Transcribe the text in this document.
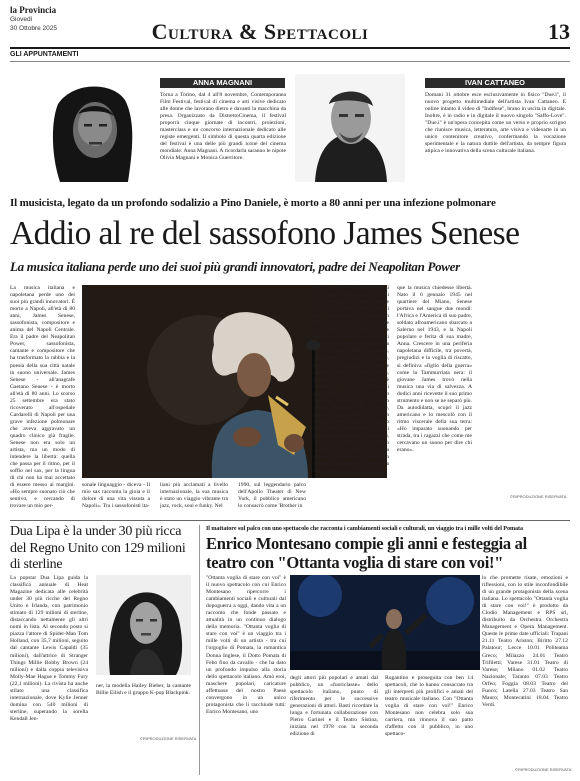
la Provincia
Giovedì
30 Ottobre 2025	Cultura & Spettacoli	13
GLI APPUNTAMENTI
ANNA MAGNANI
Torna a Torino, dal 4 all'8 novembre, Contemporanea Film Festival, festival di cinema e arti visive dedicato alle donne che lavorano dietro e davanti la macchina da presa. Organizzato da DistrettoCinema, il festival proporrà cinque giornate di incontri, proiezioni, masterclass e un concorso internazionale dedicato alle registe emergenti. Il simbolo di questa quarta edizione del festival è una delle più grandi icone del cinema mondiale: Anna Magnani. A ricordarla saranno le nipote Olivia Magnani e Monica Guerritore.
IVAN CATTANEO
Domani 31 ottobre esce esclusivamente in fisico "Due.i", il nuovo progetto multimediale dell'artista Ivan Cattaneo. E online intanto il video di "Indifese", brano in uscita in digitale. Inoltre, è in radio e in digitale il nuovo singolo "Saffo-Love". "Due.i" è un'opera concepita come un verso e proprio scrigno che riunisce musica, letteratura, arte visiva e videoarte in un unico contenitore creativo, confermando la vocazione sperimentale e la natura duttile dell'artista, da sempre figura atipica e innovativa della scena culturale italiana.
Il musicista, legato da un profondo sodalizio a Pino Daniele, è morto a 80 anni per una infezione polmonare
Addio al re del sassofono James Senese
La musica italiana perde uno dei suoi più grandi innovatori, padre dei Neapolitan Power
La musica italiana e napoletana perde uno dei suoi più grandi innovatori. È morto a Napoli, all'età di 80 anni, James Senese, sassofonista, compositore e anima del Napoli Centrale. Era il padre del Neapolitan Power, sassofonista, cantante e compositore che ha trasformato la rabbia e la poesia della sua città natale in suono universale. James Senese - all'anagrafe Gaetano Senese - è morto all'età di 80 anni. Lo scorso 25 settembre era stato ricoverato all'ospedale Cardarelli di Napoli per una grave infezione polmonare che aveva aggravato un quadro clinico già fragile. Senese non era solo un artista, ma un modo di intendere la libertà: quella che passa per il ritmo, per il soffio nel sax, per la lingua di chi non ha mai accettato di essere messo ai margini. «Ho sempre suonato ciò che sentivo, e cercando di trovare un mio per-
sonale linguaggio - diceva - Il mio sax racconta la gioia e il dolore di una vita vissuta a Napoli». Tra i sassofonisti ita-
liani più acclamati a livello internazionale, la sua musica è stato un viaggio vibrante tra jazz, rock, soul e funky. Nel
1990, sul leggendario palco dell'Apollo Theater di New York, il pubblico americano lo consacrò come 'Brother in
Soul', un titolo riservato solo ai veri giganti della musica. Negli anni Sessanta e Settanta Senese fu uno dei protagonisti assoluti del movimento Neapolitan Power, la rivoluzione musicale che fuse radici partenopee e sonorità afroamericane. In quegli anni fondò gruppi entrati nella storia come The Showmen, Showmen 2 e Napoli Centrale, band di cui era tuttora leader e anima creativa. La sua carriera, lunga e ricca di successi, è costellata di collaborazioni prestigiose: da Gil Evans a Bob Marley, da Ornette Coleman all'Art Ensemble of Chicago, passando per Lester Bowie, Don Moye, Steve Thorton, Roberto De Simone, Pino Daniele (a cui fu legato da un lungo sodalizio), Tullio De Piscopo ed Enzo Avitabile. Un artista che ha saputo far dialogare Napoli con il mondo, portando il suo sax e la sua anima ovun-
que la musica chiedesse libertà. Nato il 6 gennaio 1945 nel quartiere del Miano, Senese portava nel sangue due mondi: l'Africa e l'America di suo padre, soldato afroamericano sbarcato a Salerno nel 1943, e la Napoli popolare e ferita di sua madre, Anna. Crescere in una periferia napoletana difficile, tra povertà, pregiudizi e la voglia di riscatto, si definiva «figlio della guerra» come la Tammurriata nera: il giovane James trovò nella musica una via di salvezza. A dodici anni ricevette il suo primo strumento e non se ne separò più. Da autodidatta, scoprì il jazz americano e lo mescolò con il ritmo viscerale della sua terra: «Ho imparato suonando per strada, tra i ragazzi che come me cercavano un suono per dire chi erano».
©RIPRODUZIONE RISERVATA
Dua Lipa è la under 30 più ricca del Regno Unito con 129 milioni di sterline
La popstar Dua Lipa guida la classifica annuale di Heat Magazine dedicata alle celebrità under 30 più ricche del Regno Unito e Irlanda, con patrimonio stimato di 129 milioni di sterline, distaccando nettamente gli altri nomi in lista. Al secondo posto si piazza l'attore di Spider-Man Tom Holland, con 35,7 milioni, seguito dal cantante Lewis Capaldi (35 milioni), dall'attrice di Stranger Things Millie Bobby Brown (24 milioni) e dalla coppia televisiva Molly-Mae Hague e Tommy Fury (22,1 milioni). La rivista ha anche stilato una classifica internazionale, dove Kylie Jenner domina con 540 milioni di sterline, superando la sorella Kendall Jen-
ner, la modella Hailey Bieber, la cantante Billie Eilish e il gruppo K-pop Blackpink.
©RIPRODUZIONE RISERVATA
Il mattatore sul palco con uno spettacolo che racconta i cambiamenti sociali e culturali, un viaggio tra i mille volti del Pomata
Enrico Montesano compie gli anni e festeggia al teatro con "Ottanta voglia di stare con voi!"
"Ottanta voglia di stare con voi" è il nuovo spettacolo con cui Enrico Montesano ripercorre i cambiamenti sociali e culturali dal dopoguerra a oggi, dando vita a un racconto che fonde passato e attualità in un continuo dialogo della memoria. "Ottanta voglia di stare con voi" è un viaggio tra i mille volti di un artista - tra cui l'orgoglio di Pomata, la romantica Donna Inglese, il Dotto Pomata di Febo fino da cavallo - che ha dato un profondo impulso alla storia dello spettacolo italiano. Amò eroi, maschere popolari, caricature affettuose del nostro Paese convergono in un unico protagonista che li racchiude tutti: Enrico Montesano, uno
degli attori più popolari e amati dal pubblico, un «fuoriclasse» dello spettacolo italiano, punto di riferimento per le successive generazioni di attori. Basti ricordare la lunga e fortunata collaborazione con Pietro Garinei e il Teatro Sistina, iniziata nel 1978 con la seconda edizione di
Rugantino e proseguita con ben 14 spettacoli, che lo hanno consacrato tra gli interpreti più prolifici e amati del teatro musicale italiano. Con "Ottanta voglia di stare con voi!" Enrico Montesano non celebra solo sua carriera, ma rinnova il suo patto d'affetto con il pubblico, in uno spettaco-
lo che promette risate, emozioni e riflessioni, con lo stile inconfondibile di un grande protagonista della scena italiana. Lo spettacolo "Ottanta voglia di stare con voi!" è prodotto da Clodio Management e RPS srl, distribuito da Orchestra Orchestra Management e Opera Management. Queste le prime date ufficiali: Trapani 21.11 Teatro Ariston; Biritto 27.12 Palatour; Lecce 10.01 Politeama Greco; Milazzo 24.01 Teatro Trifiletti; Varese 31.01 Teatro di Varese; Milano 01.02 Teatro Nazionale; Taranto 07.03 Teatro Orfeo; Foggia 08.03 Teatro del Fuoco; Latella 27.03 Teatro San Mauro; Montecatini 18.04 Teatro Verdi.
©RIPRODUZIONE RISERVATA
